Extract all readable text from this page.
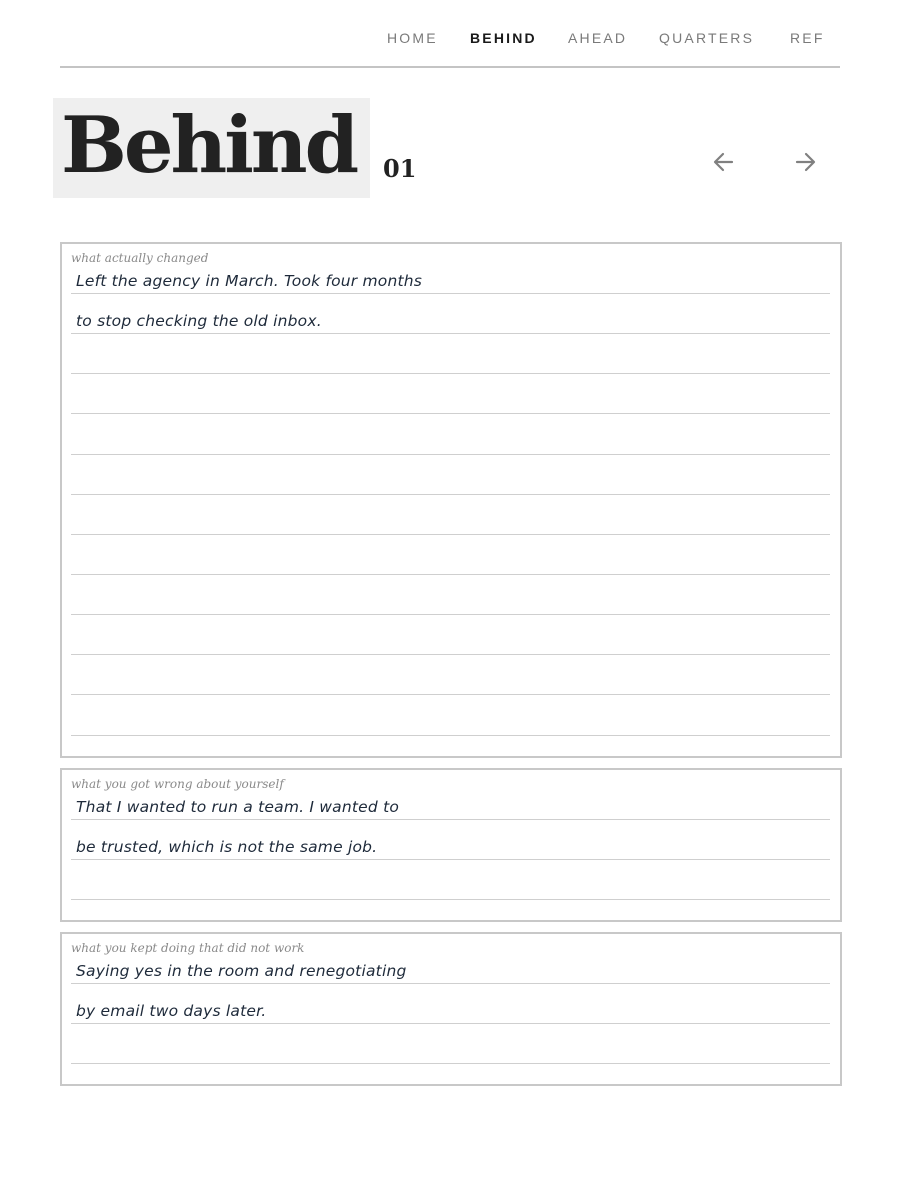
HOME BEHIND AHEAD QUARTERS	REF
Behind 01
what actually changed
Left the agency in March. Took four months
to stop checking the old inbox.
what you got wrong about yourself
That I wanted to run a team. I wanted to
be trusted, which is not the same job.
what you kept doing that did not work
Saying yes in the room and renegotiating
by email two days later.
